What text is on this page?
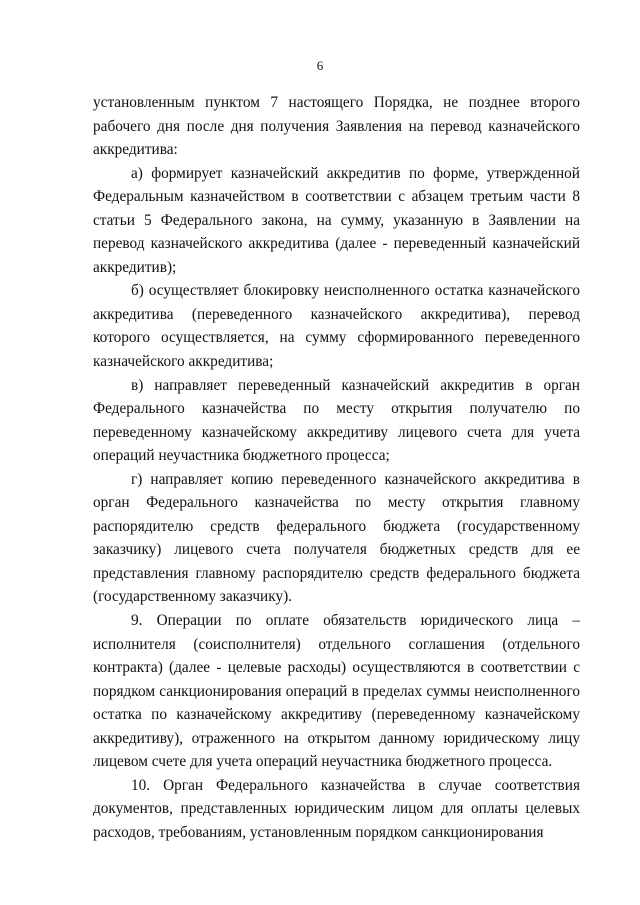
6

установленным пунктом 7 настоящего Порядка, не позднее второго рабочего дня после дня получения Заявления на перевод казначейского аккредитива:

а) формирует казначейский аккредитив по форме, утвержденной Федеральным казначейством в соответствии с абзацем третьим части 8 статьи 5 Федерального закона, на сумму, указанную в Заявлении на перевод казначейского аккредитива (далее - переведенный казначейский аккредитив);

б) осуществляет блокировку неисполненного остатка казначейского аккредитива (переведенного казначейского аккредитива), перевод которого осуществляется, на сумму сформированного переведенного казначейского аккредитива;

в) направляет переведенный казначейский аккредитив в орган Федерального казначейства по месту открытия получателю по переведенному казначейскому аккредитиву лицевого счета для учета операций неучастника бюджетного процесса;

г) направляет копию переведенного казначейского аккредитива в орган Федерального казначейства по месту открытия главному распорядителю средств федерального бюджета (государственному заказчику) лицевого счета получателя бюджетных средств для ее представления главному распорядителю средств федерального бюджета (государственному заказчику).

9. Операции по оплате обязательств юридического лица – исполнителя (соисполнителя) отдельного соглашения (отдельного контракта) (далее - целевые расходы) осуществляются в соответствии с порядком санкционирования операций в пределах суммы неисполненного остатка по казначейскому аккредитиву (переведенному казначейскому аккредитиву), отраженного на открытом данному юридическому лицу лицевом счете для учета операций неучастника бюджетного процесса.

10. Орган Федерального казначейства в случае соответствия документов, представленных юридическим лицом для оплаты целевых расходов, требованиям, установленным порядком санкционирования
